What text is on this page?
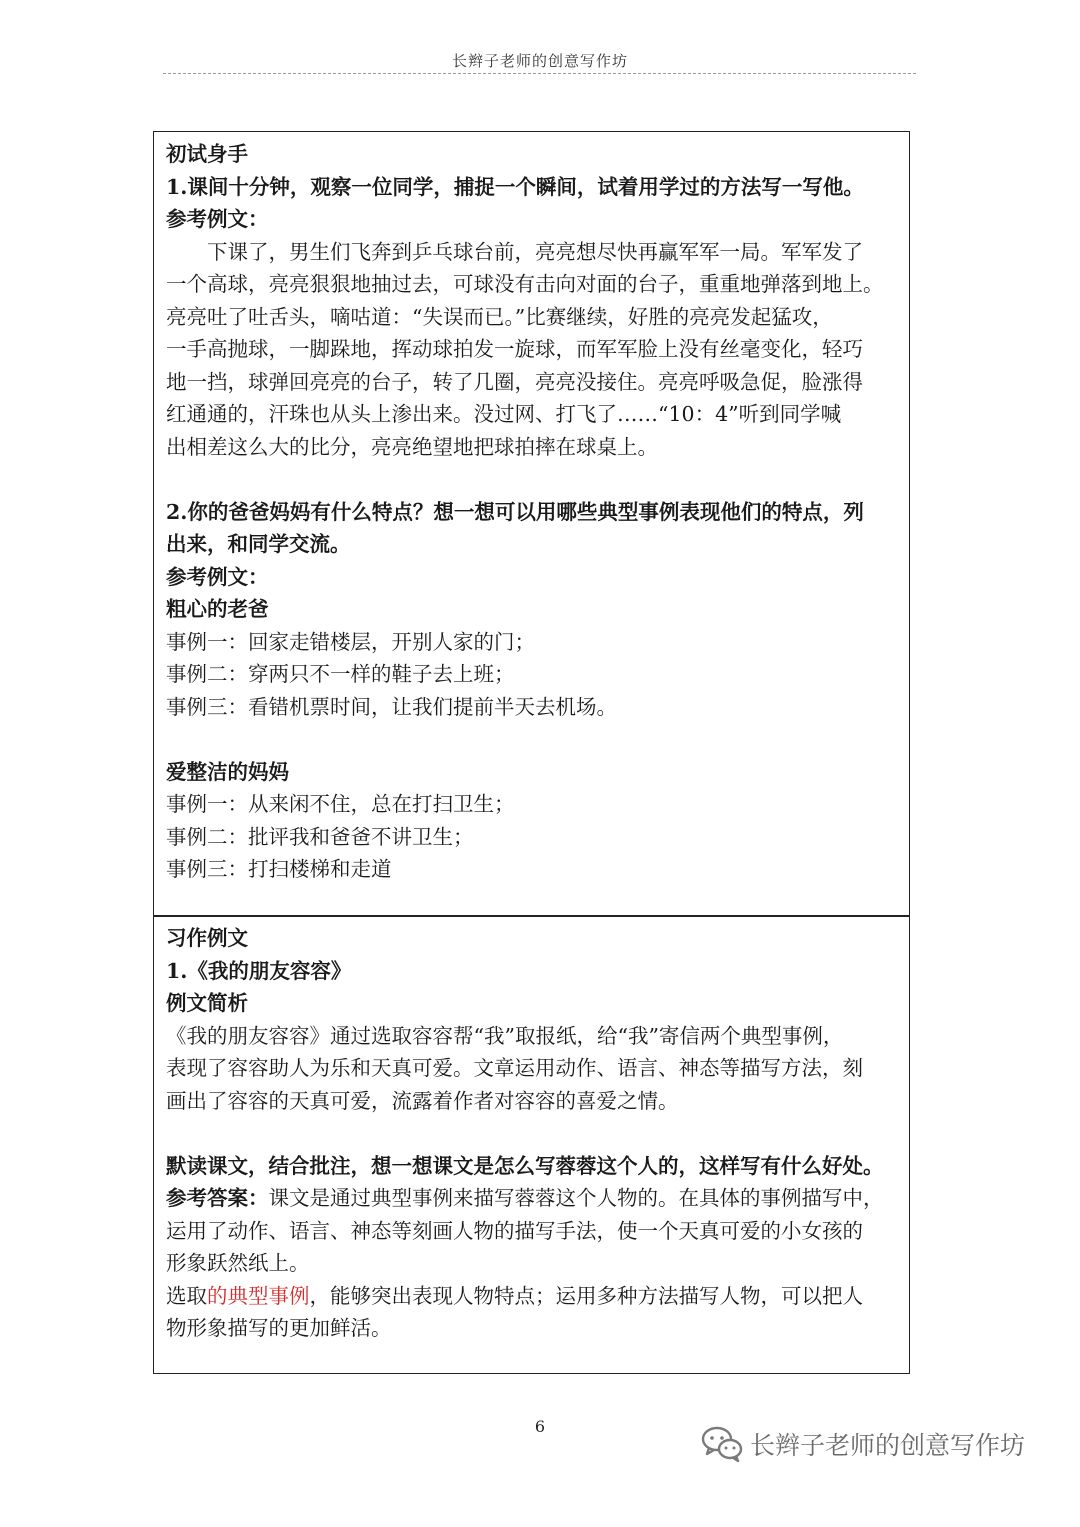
长辫子老师的创意写作坊
初试身手
1.课间十分钟，观察一位同学，捕捉一个瞬间，试着用学过的方法写一写他。
参考例文：
下课了，男生们飞奔到乒乓球台前，亮亮想尽快再赢军军一局。军军发了
一个高球，亮亮狠狠地抽过去，可球没有击向对面的台子，重重地弹落到地上。
亮亮吐了吐舌头，嘀咕道：“失误而已。”比赛继续，好胜的亮亮发起猛攻，
一手高抛球，一脚跺地，挥动球拍发一旋球，而军军脸上没有丝毫变化，轻巧
地一挡，球弹回亮亮的台子，转了几圈，亮亮没接住。亮亮呼吸急促，脸涨得
红通通的，汗珠也从头上渗出来。没过网、打飞了……“10：4”听到同学喊
出相差这么大的比分，亮亮绝望地把球拍摔在球桌上。
2.你的爸爸妈妈有什么特点？想一想可以用哪些典型事例表现他们的特点，列
出来，和同学交流。
参考例文：
粗心的老爸
事例一：回家走错楼层，开别人家的门；
事例二：穿两只不一样的鞋子去上班；
事例三：看错机票时间，让我们提前半天去机场。
爱整洁的妈妈
事例一：从来闲不住，总在打扫卫生；
事例二：批评我和爸爸不讲卫生；
事例三：打扫楼梯和走道
习作例文
1.《我的朋友容容》
例文简析
《我的朋友容容》通过选取容容帮“我”取报纸，给“我”寄信两个典型事例，
表现了容容助人为乐和天真可爱。文章运用动作、语言、神态等描写方法，刻
画出了容容的天真可爱，流露着作者对容容的喜爱之情。
默读课文，结合批注，想一想课文是怎么写蓉蓉这个人的，这样写有什么好处。
参考答案：课文是通过典型事例来描写蓉蓉这个人物的。在具体的事例描写中，
运用了动作、语言、神态等刻画人物的描写手法，使一个天真可爱的小女孩的
形象跃然纸上。
选取的典型事例，能够突出表现人物特点；运用多种方法描写人物，可以把人
物形象描写的更加鲜活。
6
长辫子老师的创意写作坊
